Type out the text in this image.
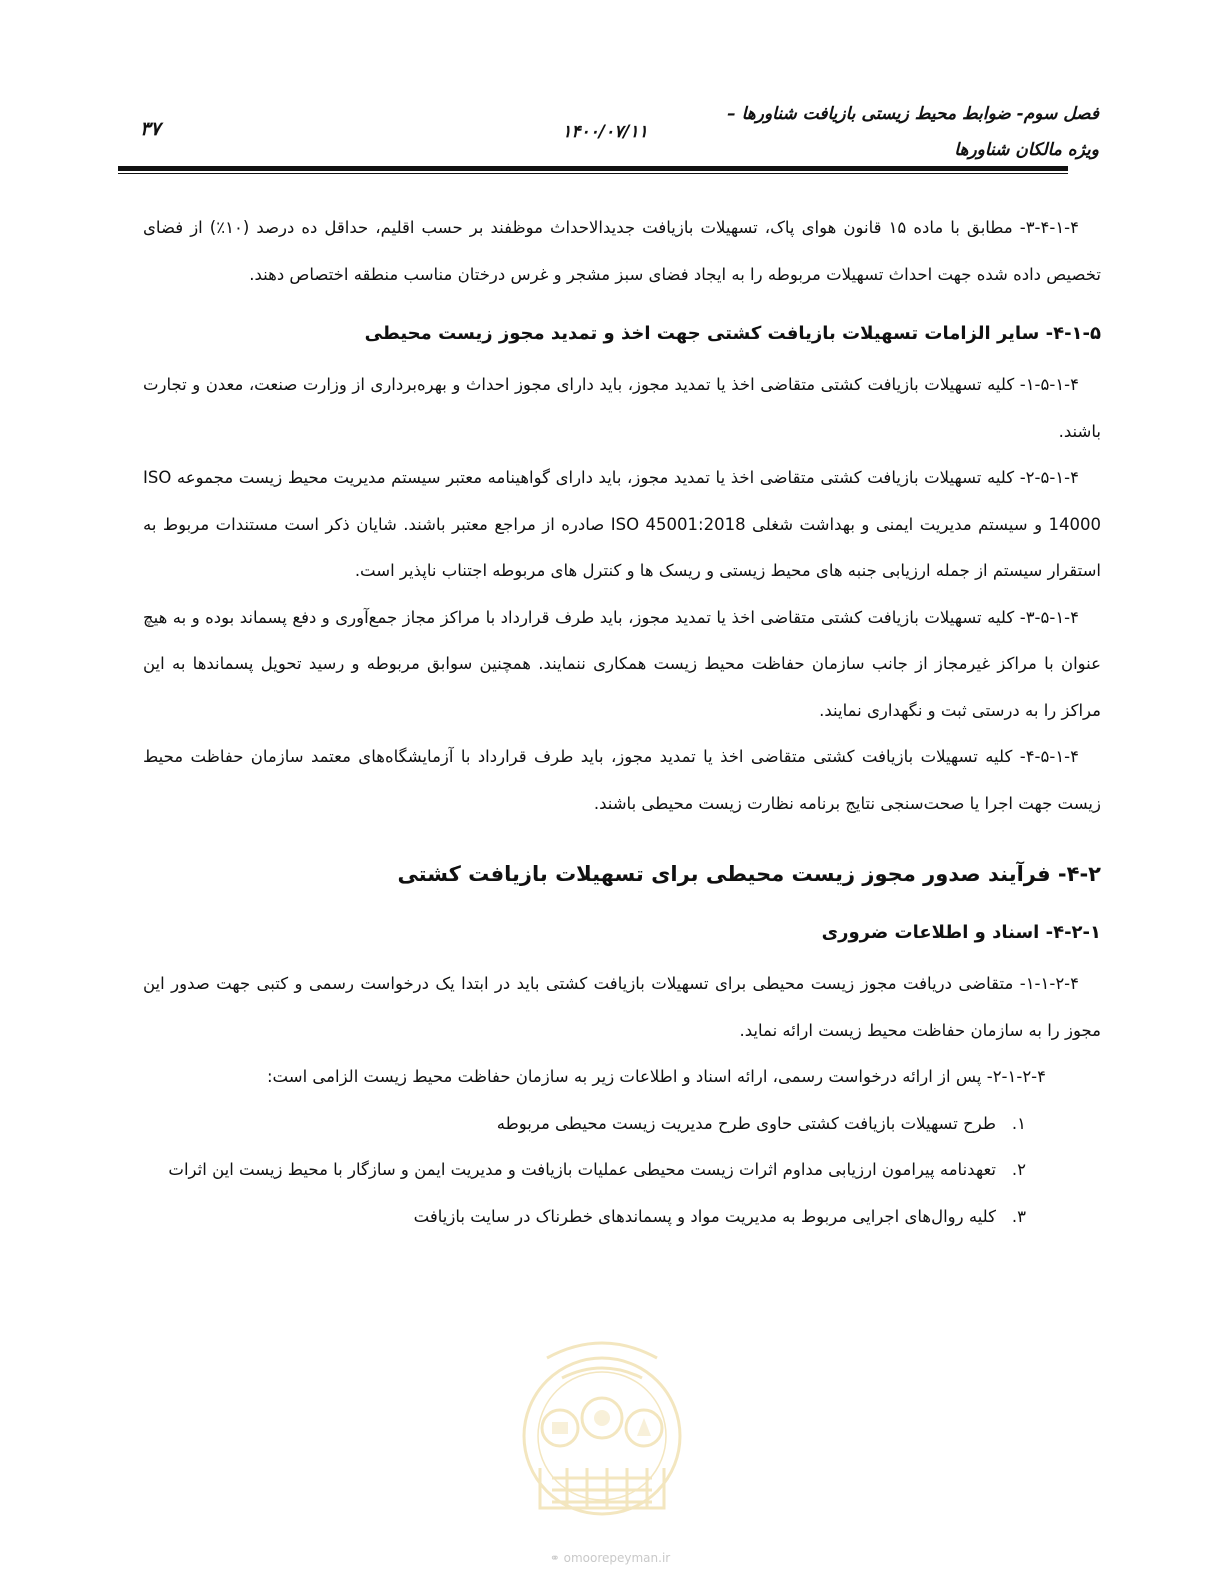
فصل سوم- ضوابط محیط زیستی بازیافت شناورها –
ویژه مالکان شناورها
۱۴۰۰/۰۷/۱۱
۳۷

۳-۴-۱-۴- مطابق با ماده ۱۵ قانون هوای پاک، تسهیلات بازیافت جدیدالاحداث موظفند بر حسب اقلیم، حداقل ده درصد (۱۰٪) از فضای تخصیص داده شده جهت احداث تسهیلات مربوطه را به ایجاد فضای سبز مشجر و غرس درختان مناسب منطقه اختصاص دهند.

۴-۱-۵- سایر الزامات تسهیلات بازیافت کشتی جهت اخذ و تمدید مجوز زیست محیطی

۱-۵-۱-۴- کلیه تسهیلات بازیافت کشتی متقاضی اخذ یا تمدید مجوز، باید دارای مجوز احداث و بهره‌برداری از وزارت صنعت، معدن و تجارت باشند.

۲-۵-۱-۴- کلیه تسهیلات بازیافت کشتی متقاضی اخذ یا تمدید مجوز، باید دارای گواهینامه معتبر سیستم مدیریت محیط زیست مجموعه ISO 14000 و سیستم مدیریت ایمنی و بهداشت شغلی ISO 45001:2018 صادره از مراجع معتبر باشند. شایان ذکر است مستندات مربوط به استقرار سیستم از جمله ارزیابی جنبه های محیط زیستی و ریسک ها و کنترل های مربوطه اجتناب ناپذیر است.

۳-۵-۱-۴- کلیه تسهیلات بازیافت کشتی متقاضی اخذ یا تمدید مجوز، باید طرف قرارداد با مراکز مجاز جمع‌آوری و دفع پسماند بوده و به هیچ عنوان با مراکز غیرمجاز از جانب سازمان حفاظت محیط زیست همکاری ننمایند. همچنین سوابق مربوطه و رسید تحویل پسماندها به این مراکز را به درستی ثبت و نگهداری نمایند.

۴-۵-۱-۴- کلیه تسهیلات بازیافت کشتی متقاضی اخذ یا تمدید مجوز، باید طرف قرارداد با آزمایشگاه‌های معتمد سازمان حفاظت محیط زیست جهت اجرا یا صحت‌سنجی نتایج برنامه نظارت زیست محیطی باشند.

۴-۲- فرآیند صدور مجوز زیست محیطی برای تسهیلات بازیافت کشتی
۴-۲-۱- اسناد و اطلاعات ضروری

۱-۱-۲-۴- متقاضی دریافت مجوز زیست محیطی برای تسهیلات بازیافت کشتی باید در ابتدا یک درخواست رسمی و کتبی جهت صدور این مجوز را به سازمان حفاظت محیط زیست ارائه نماید.

۲-۱-۲-۴- پس از ارائه درخواست رسمی، ارائه اسناد و اطلاعات زیر به سازمان حفاظت محیط زیست الزامی است:

۱.
طرح تسهیلات بازیافت کشتی حاوی طرح مدیریت زیست محیطی مربوطه
۲.
تعهدنامه پیرامون ارزیابی مداوم اثرات زیست محیطی عملیات بازیافت و مدیریت ایمن و سازگار با محیط زیست این اثرات
۳.
کلیه روال‌های اجرایی مربوط به مدیریت مواد و پسماندهای خطرناک در سایت بازیافت
⚭ omoorepeyman.ir
